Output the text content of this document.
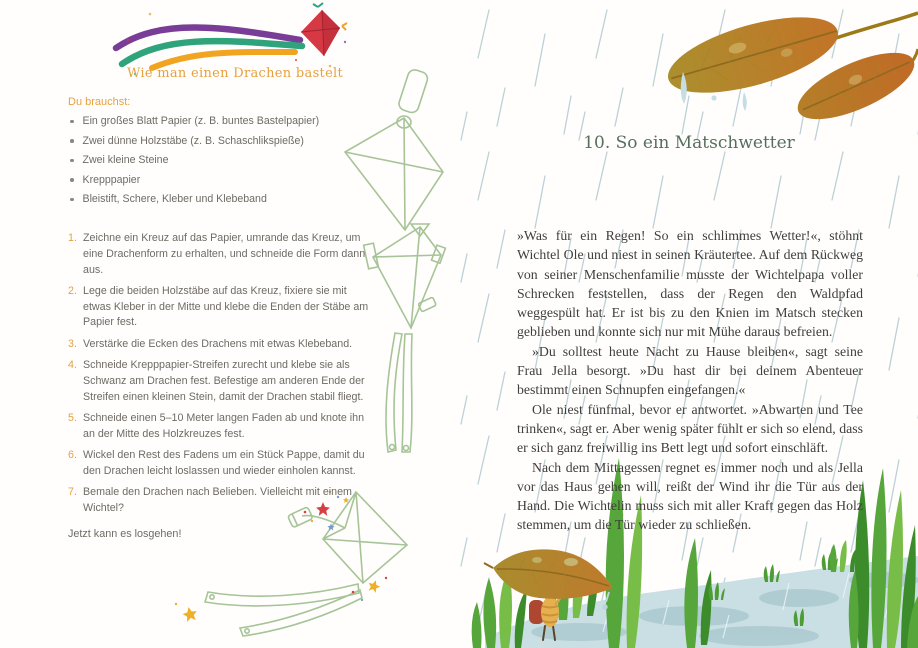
Wie man einen Drachen bastelt
Du brauchst:
Ein großes Blatt Papier (z. B. buntes Bastelpapier)
Zwei dünne Holzstäbe (z. B. Schaschlikspieße)
Zwei kleine Steine
Krepppapier
Bleistift, Schere, Kleber und Klebeband
1. Zeichne ein Kreuz auf das Papier, umrande das Kreuz, um eine Drachenform zu erhalten, und schneide die Form dann aus.
2. Lege die beiden Holzstäbe auf das Kreuz, fixiere sie mit etwas Kleber in der Mitte und klebe die Enden der Stäbe am Papier fest.
3. Verstärke die Ecken des Drachens mit etwas Klebeband.
4. Schneide Krepppapier-Streifen zurecht und klebe sie als Schwanz am Drachen fest. Befestige am anderen Ende der Streifen einen kleinen Stein, damit der Drachen stabil fliegt.
5. Schneide einen 5–10 Meter langen Faden ab und knote ihn an der Mitte des Holzkreuzes fest.
6. Wickel den Rest des Fadens um ein Stück Pappe, damit du den Drachen leicht loslassen und wieder einholen kannst.
7. Bemale den Drachen nach Belieben. Vielleicht mit einem Wichtel?
Jetzt kann es losgehen!
10. So ein Matschwetter

»Was für ein Regen! So ein schlimmes Wetter!«, stöhnt Wichtel Ole und niest in seinen Kräutertee. Auf dem Rückweg von seiner Menschenfamilie musste der Wichtelpapa voller Schrecken feststellen, dass der Regen den Waldpfad weggespült hat. Er ist bis zu den Knien im Matsch stecken geblieben und konnte sich nur mit Mühe daraus befreien.

»Du solltest heute Nacht zu Hause bleiben«, sagt seine Frau Jella besorgt. »Du hast dir bei deinem Abenteuer bestimmt einen Schnupfen eingefangen.«

Ole niest fünfmal, bevor er antwortet. »Abwarten und Tee trinken«, sagt er. Aber wenig später fühlt er sich so elend, dass er sich ganz freiwillig ins Bett legt und sofort einschläft.

Nach dem Mittagessen regnet es immer noch und als Jella vor das Haus gehen will, reißt der Wind ihr die Tür aus der Hand. Die Wichtelin muss sich mit aller Kraft gegen das Holz stemmen, um die Tür wieder zu schließen.
